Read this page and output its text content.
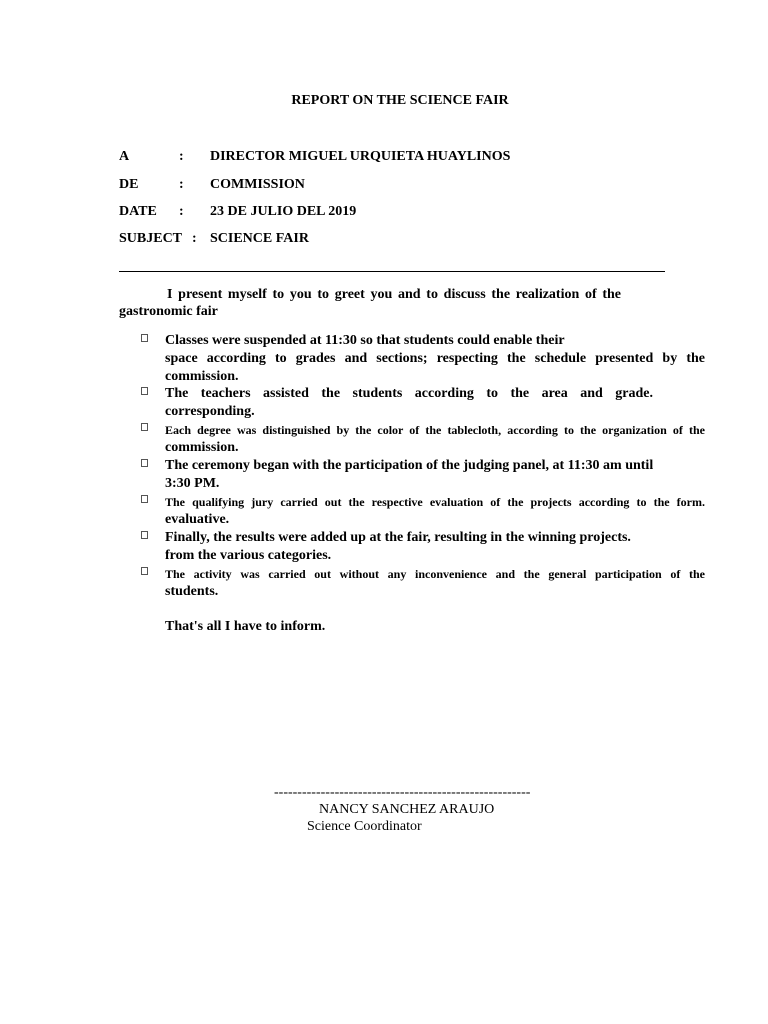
REPORT ON THE SCIENCE FAIR
A	: DIRECTOR MIGUEL URQUIETA HUAYLINOS
DE	: COMMISSION
DATE : 23 DE JULIO DEL 2019
SUBJECT : SCIENCE FAIR
I present myself to you to greet you and to discuss the realization of the gastronomic fair
Classes were suspended at 11:30 so that students could enable their
space according to grades and sections; respecting the schedule presented by the commission.
The teachers assisted the students according to the area and grade.
corresponding.
Each degree was distinguished by the color of the tablecloth, according to the organization of the
commission.
The ceremony began with the participation of the judging panel, at 11:30 am until
3:30 PM.
The qualifying jury carried out the respective evaluation of the projects according to the form.
evaluative.
Finally, the results were added up at the fair, resulting in the winning projects.
from the various categories.
The activity was carried out without any inconvenience and the general participation of the
students.
That's all I have to inform.
-------------------------------------------------------
NANCY SANCHEZ ARAUJO
Science Coordinator
